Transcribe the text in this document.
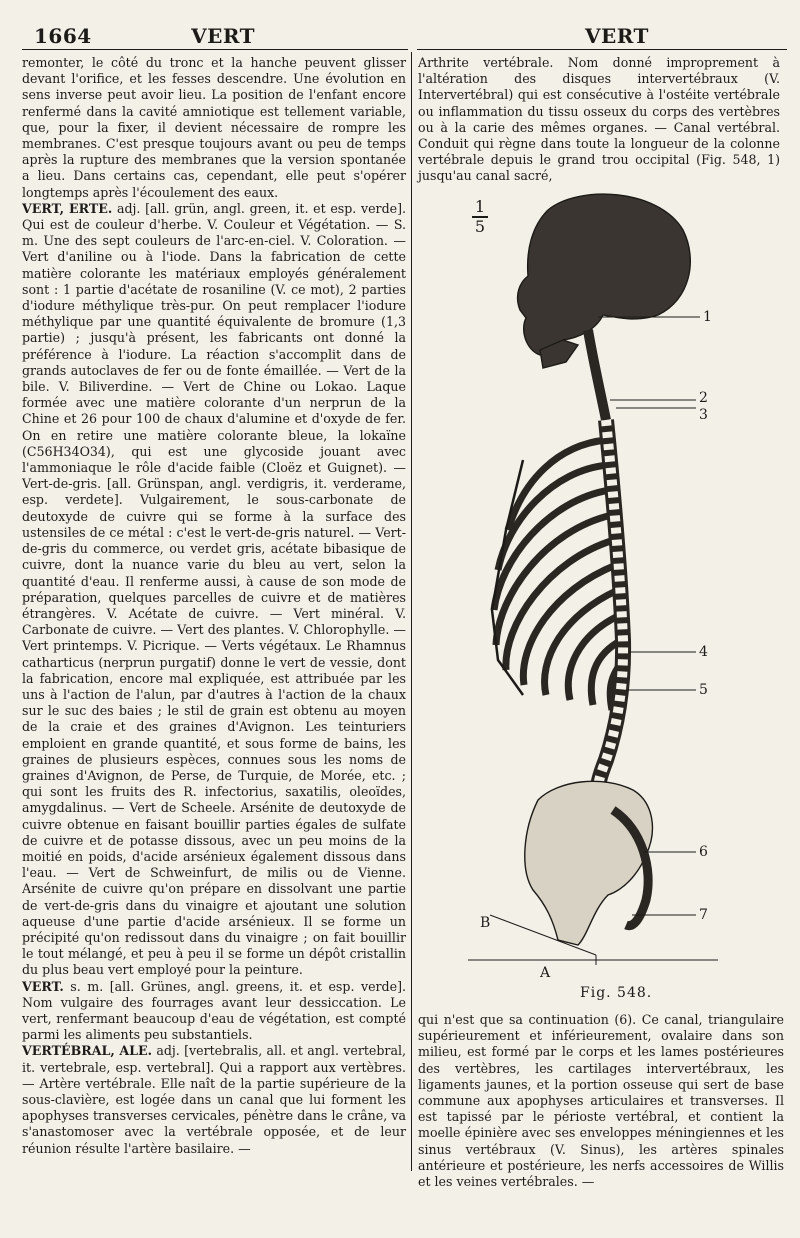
1664	VERT	VERT

remonter, le côté du tronc et la hanche peuvent glisser devant l'orifice, et les fesses descendre. Une évolution en sens inverse peut avoir lieu. La position de l'enfant encore renfermé dans la cavité amniotique est tellement variable, que, pour la fixer, il devient nécessaire de rompre les membranes. C'est presque toujours avant ou peu de temps après la rupture des membranes que la version spontanée a lieu. Dans certains cas, cependant, elle peut s'opérer longtemps après l'écoulement des eaux.

VERT, ERTE. adj. [all. grün, angl. green, it. et esp. verde]. Qui est de couleur d'herbe. V. Couleur et Végétation. — S. m. Une des sept couleurs de l'arc-en-ciel. V. Coloration. — Vert d'aniline ou à l'iode. Dans la fabrication de cette matière colorante les matériaux employés généralement sont : 1 partie d'acétate de rosaniline (V. ce mot), 2 parties d'iodure méthylique très-pur. On peut remplacer l'iodure méthylique par une quantité équivalente de bromure (1,3 partie) ; jusqu'à présent, les fabricants ont donné la préférence à l'iodure. La réaction s'accomplit dans de grands autoclaves de fer ou de fonte émaillée. — Vert de la bile. V. Biliverdine. — Vert de Chine ou Lokao. Laque formée avec une matière colorante d'un nerprun de la Chine et 26 pour 100 de chaux d'alumine et d'oxyde de fer. On en retire une matière colorante bleue, la lokaïne (C56H34O34), qui est une glycoside jouant avec l'ammoniaque le rôle d'acide faible (Cloëz et Guignet). — Vert-de-gris. [all. Grünspan, angl. verdigris, it. verderame, esp. verdete]. Vulgairement, le sous-carbonate de deutoxyde de cuivre qui se forme à la surface des ustensiles de ce métal : c'est le vert-de-gris naturel. — Vert-de-gris du commerce, ou verdet gris, acétate bibasique de cuivre, dont la nuance varie du bleu au vert, selon la quantité d'eau. Il renferme aussi, à cause de son mode de préparation, quelques parcelles de cuivre et de matières étrangères. V. Acétate de cuivre. — Vert minéral. V. Carbonate de cuivre. — Vert des plantes. V. Chlorophylle. — Vert printemps. V. Picrique. — Verts végétaux. Le Rhamnus catharticus (nerprun purgatif) donne le vert de vessie, dont la fabrication, encore mal expliquée, est attribuée par les uns à l'action de l'alun, par d'autres à l'action de la chaux sur le suc des baies ; le stil de grain est obtenu au moyen de la craie et des graines d'Avignon. Les teinturiers emploient en grande quantité, et sous forme de bains, les graines de plusieurs espèces, connues sous les noms de graines d'Avignon, de Perse, de Turquie, de Morée, etc. ; qui sont les fruits des R. infectorius, saxatilis, oleoïdes, amygdalinus. — Vert de Scheele. Arsénite de deutoxyde de cuivre obtenue en faisant bouillir parties égales de sulfate de cuivre et de potasse dissous, avec un peu moins de la moitié en poids, d'acide arsénieux également dissous dans l'eau. — Vert de Schweinfurt, de milis ou de Vienne. Arsénite de cuivre qu'on prépare en dissolvant une partie de vert-de-gris dans du vinaigre et ajoutant une solution aqueuse d'une partie d'acide arsénieux. Il se forme un précipité qu'on redissout dans du vinaigre ; on fait bouillir le tout mélangé, et peu à peu il se forme un dépôt cristallin du plus beau vert employé pour la peinture.

VERT. s. m. [all. Grünes, angl. greens, it. et esp. verde]. Nom vulgaire des fourrages avant leur dessiccation. Le vert, renfermant beaucoup d'eau de végétation, est compté parmi les aliments peu substantiels.

VERTÉBRAL, ALE. adj. [vertebralis, all. et angl. vertebral, it. vertebrale, esp. vertebral]. Qui a rapport aux vertèbres. — Artère vertébrale. Elle naît de la partie supérieure de la sous-clavière, est logée dans un canal que lui forment les apophyses transverses cervicales, pénètre dans le crâne, va s'anastomoser avec la vertébrale opposée, et de leur réunion résulte l'artère basilaire. —

Arthrite vertébrale. Nom donné improprement à l'altération des disques intervertébraux (V. Intervertébral) qui est consécutive à l'ostéite vertébrale ou inflammation du tissu osseux du corps des vertèbres ou à la carie des mêmes organes. — Canal vertébral. Conduit qui règne dans toute la longueur de la colonne vertébrale depuis le grand trou occipital (Fig. 548, 1) jusqu'au canal sacré,

1
5
1
2
3
4
5
6
7
A
B
Fig. 548.

qui n'est que sa continuation (6). Ce canal, triangulaire supérieurement et inférieurement, ovalaire dans son milieu, est formé par le corps et les lames postérieures des vertèbres, les cartilages intervertébraux, les ligaments jaunes, et la portion osseuse qui sert de base commune aux apophyses articulaires et transverses. Il est tapissé par le périoste vertébral, et contient la moelle épinière avec ses enveloppes méningiennes et les sinus vertébraux (V. Sinus), les artères spinales antérieure et postérieure, les nerfs accessoires de Willis et les veines vertébrales. —
